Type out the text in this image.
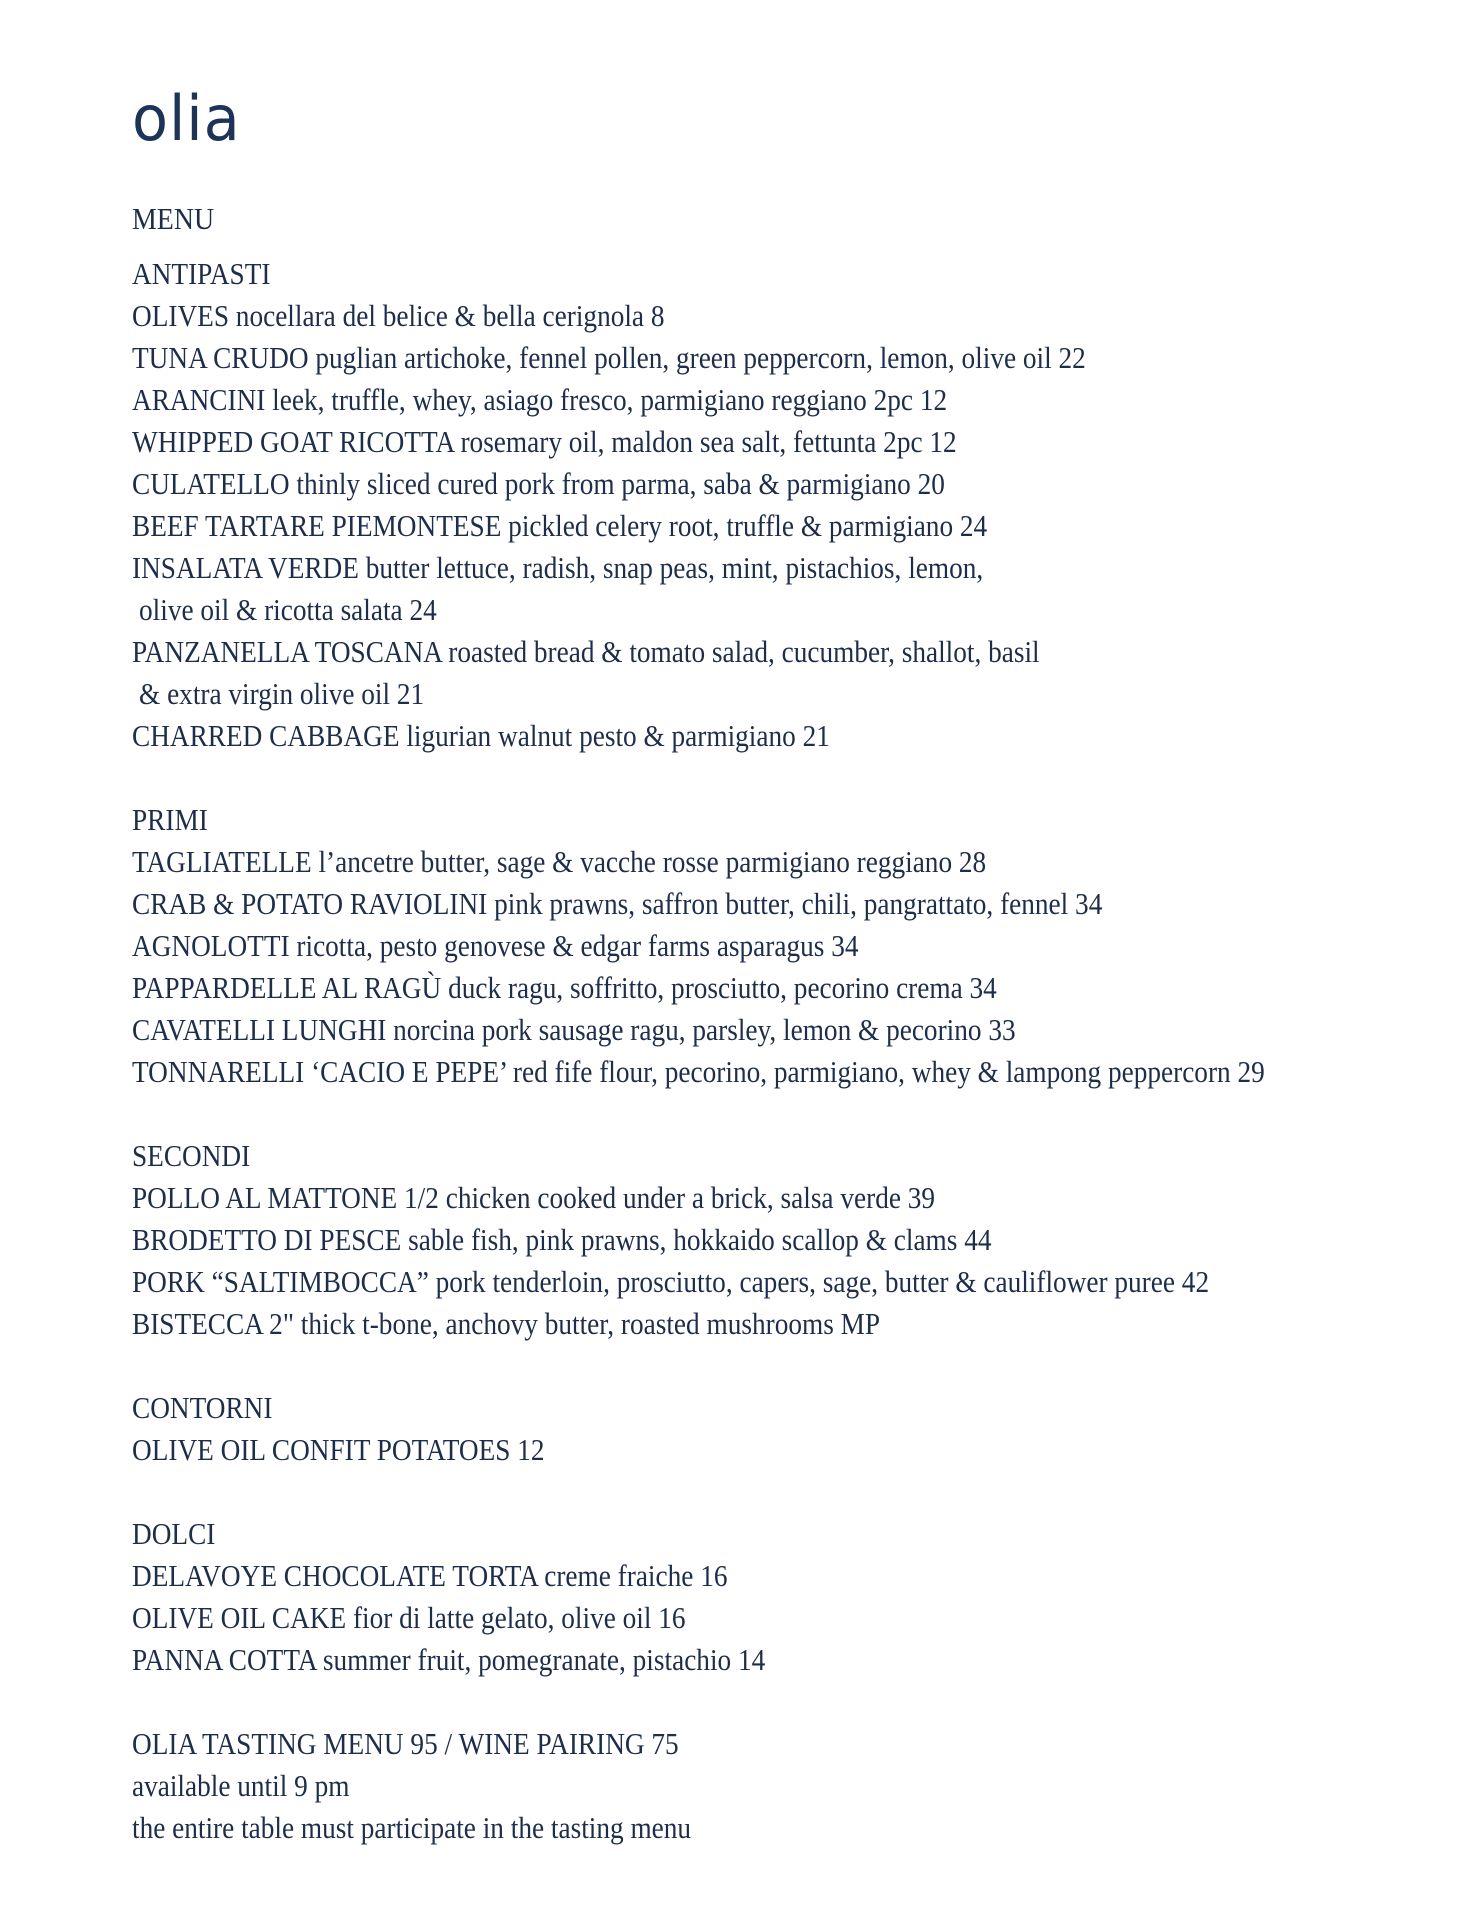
olia
MENU
ANTIPASTI
OLIVES nocellara del belice & bella cerignola 8
TUNA CRUDO puglian artichoke, fennel pollen, green peppercorn, lemon, olive oil 22
ARANCINI leek, truffle, whey, asiago fresco, parmigiano reggiano 2pc 12
WHIPPED GOAT RICOTTA rosemary oil, maldon sea salt, fettunta 2pc 12
CULATELLO thinly sliced cured pork from parma, saba & parmigiano 20
BEEF TARTARE PIEMONTESE pickled celery root, truffle & parmigiano 24
INSALATA VERDE butter lettuce, radish, snap peas, mint, pistachios, lemon,
olive oil & ricotta salata 24
PANZANELLA TOSCANA roasted bread & tomato salad, cucumber, shallot, basil
& extra virgin olive oil 21
CHARRED CABBAGE ligurian walnut pesto & parmigiano 21
PRIMI
TAGLIATELLE l’ancetre butter, sage & vacche rosse parmigiano reggiano 28
CRAB & POTATO RAVIOLINI pink prawns, saffron butter, chili, pangrattato, fennel 34
AGNOLOTTI ricotta, pesto genovese & edgar farms asparagus 34
PAPPARDELLE AL RAGÙ duck ragu, soffritto, prosciutto, pecorino crema 34
CAVATELLI LUNGHI norcina pork sausage ragu, parsley, lemon & pecorino 33
TONNARELLI ‘CACIO E PEPE’ red fife flour, pecorino, parmigiano, whey & lampong peppercorn 29
SECONDI
POLLO AL MATTONE 1/2 chicken cooked under a brick, salsa verde 39
BRODETTO DI PESCE sable fish, pink prawns, hokkaido scallop & clams 44
PORK “SALTIMBOCCA” pork tenderloin, prosciutto, capers, sage, butter & cauliflower puree 42
BISTECCA 2" thick t-bone, anchovy butter, roasted mushrooms MP
CONTORNI
OLIVE OIL CONFIT POTATOES 12
DOLCI
DELAVOYE CHOCOLATE TORTA creme fraiche 16
OLIVE OIL CAKE fior di latte gelato, olive oil 16
PANNA COTTA summer fruit, pomegranate, pistachio 14
OLIA TASTING MENU 95 / WINE PAIRING 75
available until 9 pm
the entire table must participate in the tasting menu
